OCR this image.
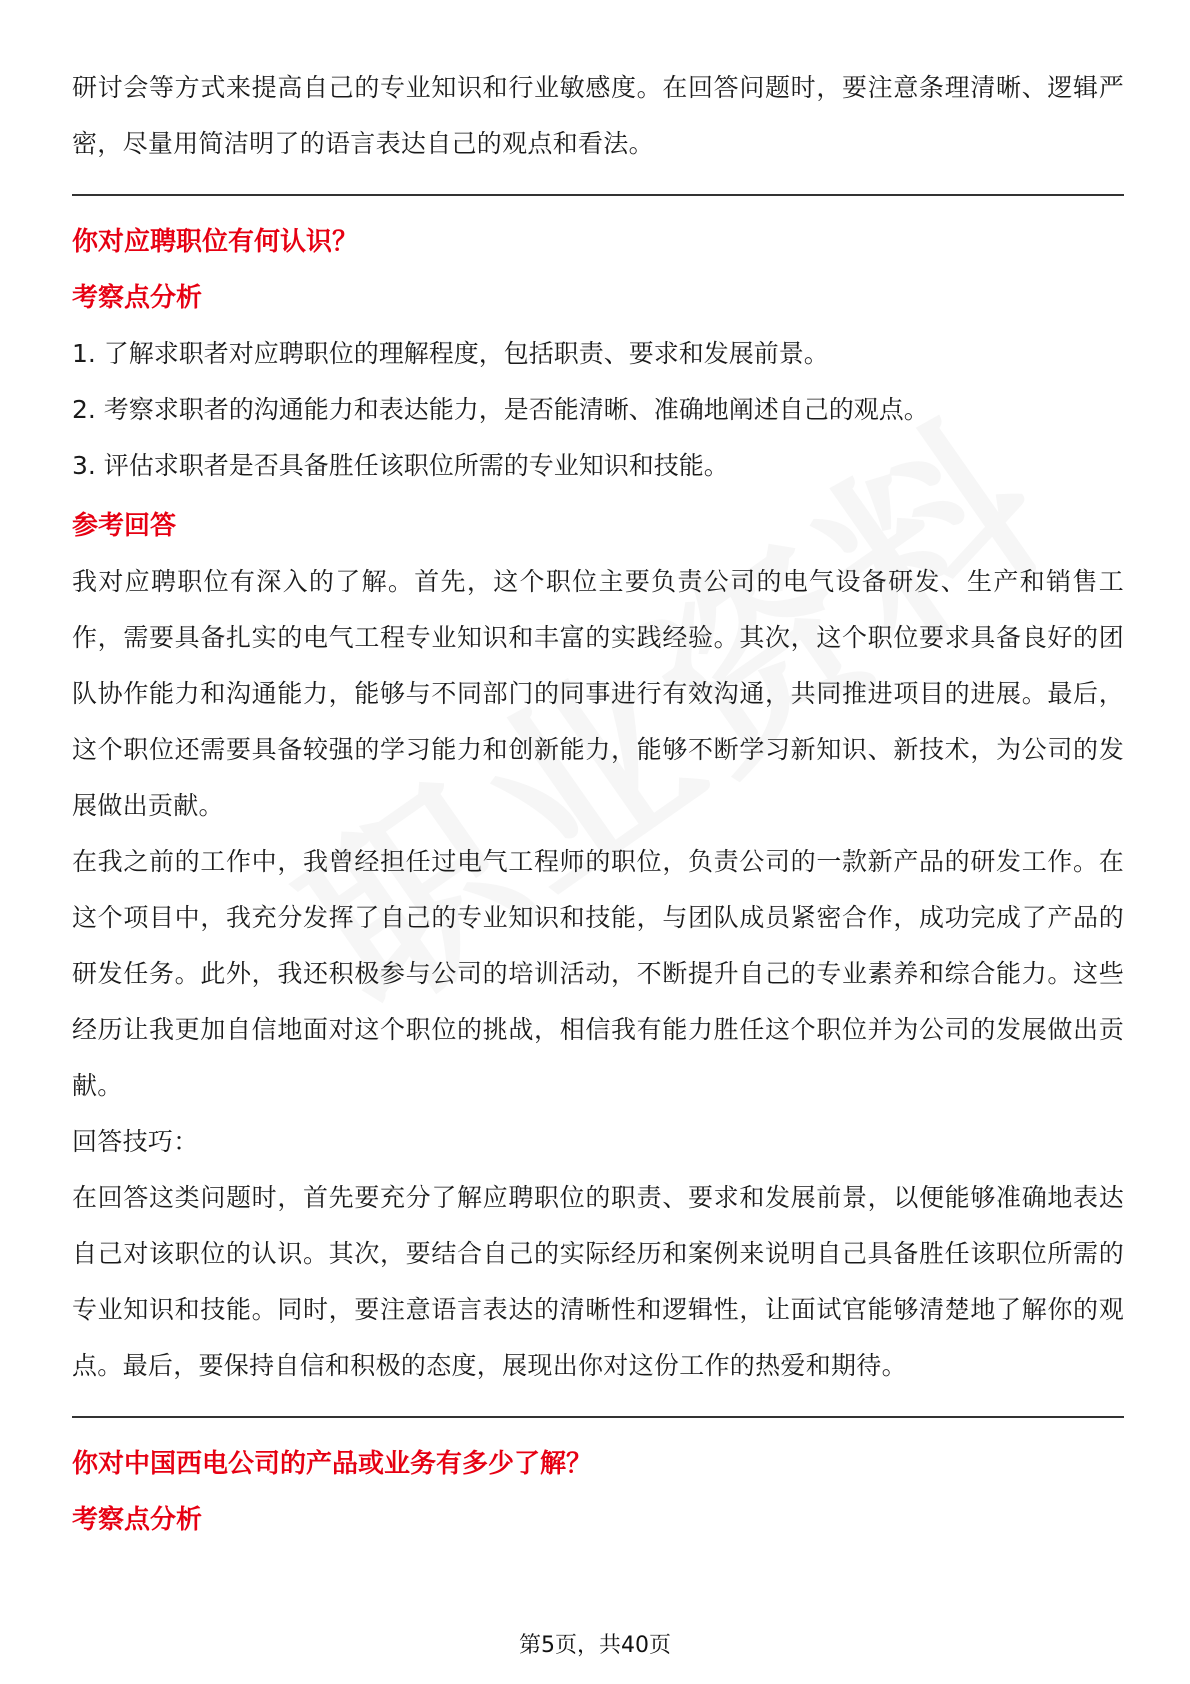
研讨会等方式来提高自己的专业知识和行业敏感度。在回答问题时，要注意条理清晰、逻辑严密，尽量用简洁明了的语言表达自己的观点和看法。

你对应聘职位有何认识？
考察点分析

1. 了解求职者对应聘职位的理解程度，包括职责、要求和发展前景。

2. 考察求职者的沟通能力和表达能力，是否能清晰、准确地阐述自己的观点。

3. 评估求职者是否具备胜任该职位所需的专业知识和技能。

参考回答

我对应聘职位有深入的了解。首先，这个职位主要负责公司的电气设备研发、生产和销售工作，需要具备扎实的电气工程专业知识和丰富的实践经验。其次，这个职位要求具备良好的团队协作能力和沟通能力，能够与不同部门的同事进行有效沟通，共同推进项目的进展。最后，这个职位还需要具备较强的学习能力和创新能力，能够不断学习新知识、新技术，为公司的发展做出贡献。

在我之前的工作中，我曾经担任过电气工程师的职位，负责公司的一款新产品的研发工作。在这个项目中，我充分发挥了自己的专业知识和技能，与团队成员紧密合作，成功完成了产品的研发任务。此外，我还积极参与公司的培训活动，不断提升自己的专业素养和综合能力。这些经历让我更加自信地面对这个职位的挑战，相信我有能力胜任这个职位并为公司的发展做出贡献。

回答技巧：

在回答这类问题时，首先要充分了解应聘职位的职责、要求和发展前景，以便能够准确地表达自己对该职位的认识。其次，要结合自己的实际经历和案例来说明自己具备胜任该职位所需的专业知识和技能。同时，要注意语言表达的清晰性和逻辑性，让面试官能够清楚地了解你的观点。最后，要保持自信和积极的态度，展现出你对这份工作的热爱和期待。

你对中国西电公司的产品或业务有多少了解？
考察点分析
第5页，共40页
